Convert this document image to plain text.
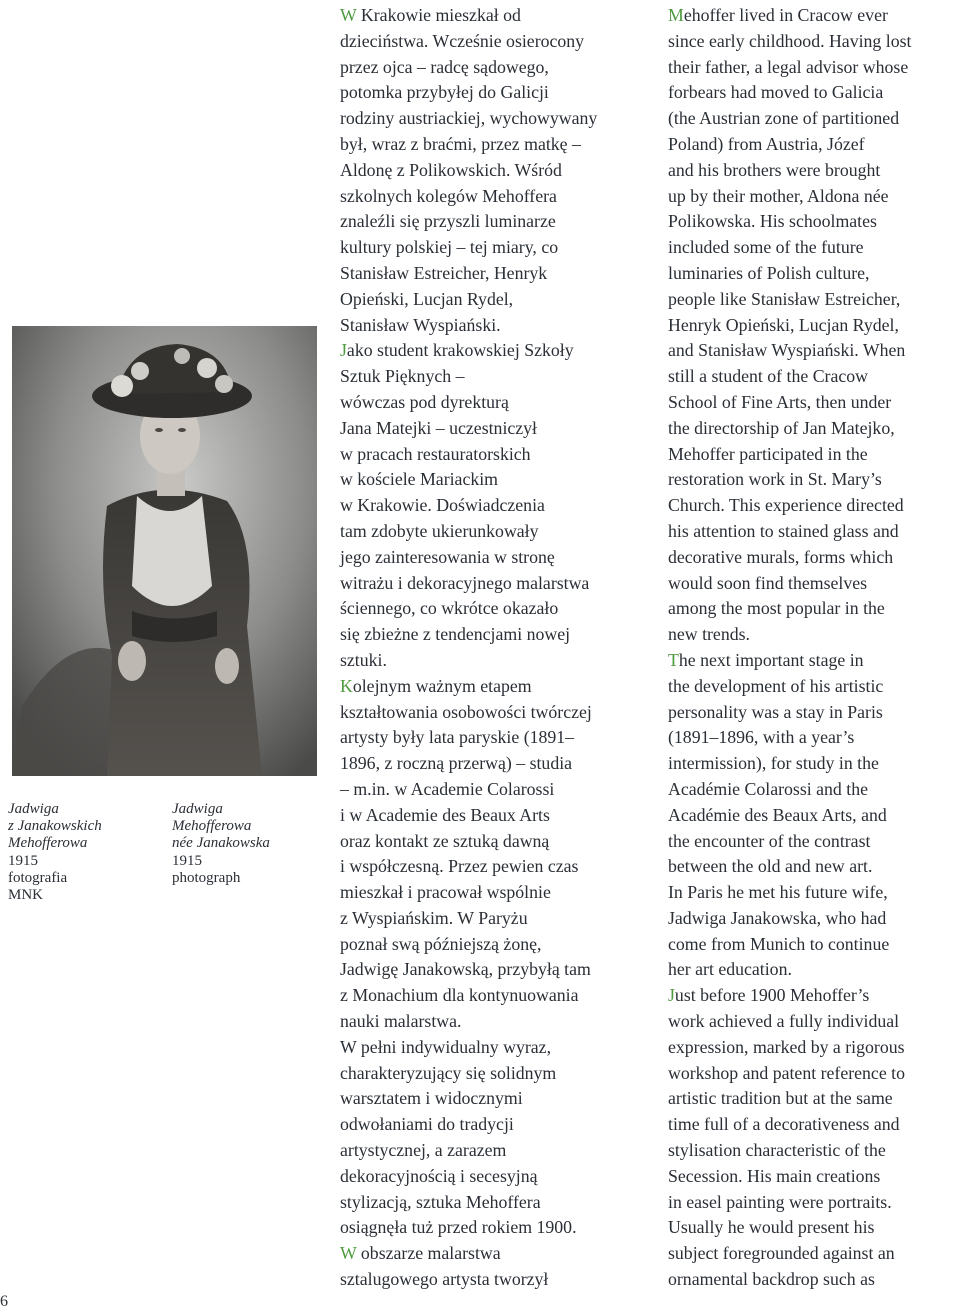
Jadwiga
z Janakowskich
Mehofferowa
1915
fotografia
MNK
Jadwiga
Mehofferowa
née Janakowska
1915
photograph
6
W Krakowie mieszkał od
dzieciństwa. Wcześnie osierocony
przez ojca – radcę sądowego,
potomka przybyłej do Galicji
rodziny austriackiej, wychowywany
był, wraz z braćmi, przez matkę –
Aldonę z Polikowskich. Wśród
szkolnych kolegów Mehoffera
znaleźli się przyszli luminarze
kultury polskiej – tej miary, co
Stanisław Estreicher, Henryk
Opieński, Lucjan Rydel,
Stanisław Wyspiański.
Jako student krakowskiej Szkoły
Sztuk Pięknych –
wówczas pod dyrekturą
Jana Matejki – uczestniczył
w pracach restauratorskich
w kościele Mariackim
w Krakowie. Doświadczenia
tam zdobyte ukierunkowały
jego zainteresowania w stronę
witrażu i dekoracyjnego malarstwa
ściennego, co wkrótce okazało
się zbieżne z tendencjami nowej
sztuki.
Kolejnym ważnym etapem
kształtowania osobowości twórczej
artysty były lata paryskie (1891–
1896, z roczną przerwą) – studia
– m.in. w Academie Colarossi
i w Academie des Beaux Arts
oraz kontakt ze sztuką dawną
i współczesną. Przez pewien czas
mieszkał i pracował wspólnie
z Wyspiańskim. W Paryżu
poznał swą późniejszą żonę,
Jadwigę Janakowską, przybyłą tam
z Monachium dla kontynuowania
nauki malarstwa.
W pełni indywidualny wyraz,
charakteryzujący się solidnym
warsztatem i widocznymi
odwołaniami do tradycji
artystycznej, a zarazem
dekoracyjnością i secesyjną
stylizacją, sztuka Mehoffera
osiągnęła tuż przed rokiem 1900.
W obszarze malarstwa
sztalugowego artysta tworzył
Mehoffer lived in Cracow ever
since early childhood. Having lost
their father, a legal advisor whose
forbears had moved to Galicia
(the Austrian zone of partitioned
Poland) from Austria, Józef
and his brothers were brought
up by their mother, Aldona née
Polikowska. His schoolmates
included some of the future
luminaries of Polish culture,
people like Stanisław Estreicher,
Henryk Opieński, Lucjan Rydel,
and Stanisław Wyspiański. When
still a student of the Cracow
School of Fine Arts, then under
the directorship of Jan Matejko,
Mehoffer participated in the
restoration work in St. Mary’s
Church. This experience directed
his attention to stained glass and
decorative murals, forms which
would soon find themselves
among the most popular in the
new trends.
The next important stage in
the development of his artistic
personality was a stay in Paris
(1891–1896, with a year’s
intermission), for study in the
Académie Colarossi and the
Académie des Beaux Arts, and
the encounter of the contrast
between the old and new art.
In Paris he met his future wife,
Jadwiga Janakowska, who had
come from Munich to continue
her art education.
Just before 1900 Mehoffer’s
work achieved a fully individual
expression, marked by a rigorous
workshop and patent reference to
artistic tradition but at the same
time full of a decorativeness and
stylisation characteristic of the
Secession. His main creations
in easel painting were portraits.
Usually he would present his
subject foregrounded against an
ornamental backdrop such as
